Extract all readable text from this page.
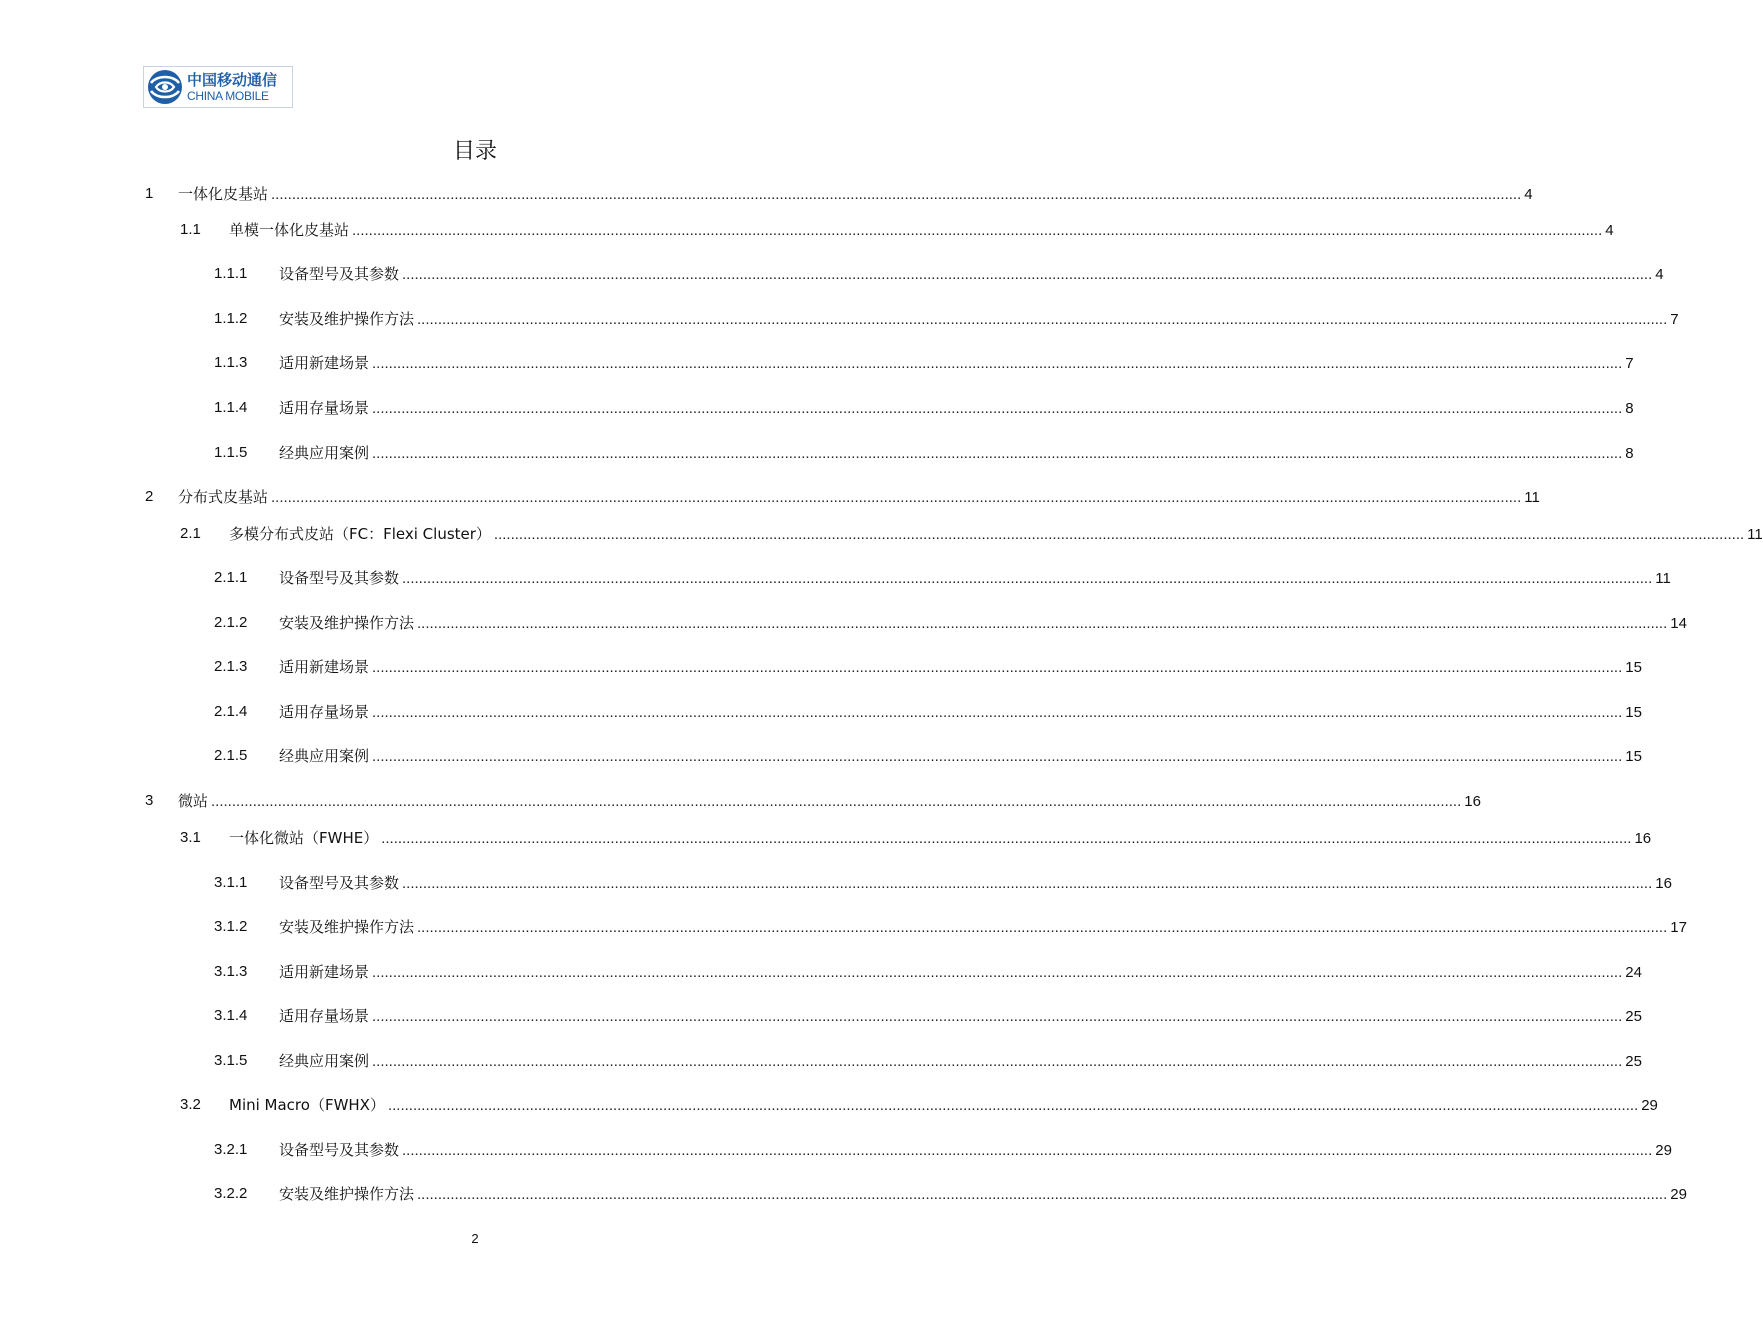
中国移动通信
CHINA MOBILE
目录
1 一体化皮基站 ............................................................................................................................................................................................................................................................................................................ 4
1.1 单模一体化皮基站 ............................................................................................................................................................................................................................................................................................................ 4
1.1.1 设备型号及其参数 ............................................................................................................................................................................................................................................................................................................ 4
1.1.2 安装及维护操作方法 ............................................................................................................................................................................................................................................................................................................ 7
1.1.3 适用新建场景 ............................................................................................................................................................................................................................................................................................................ 7
1.1.4 适用存量场景 ............................................................................................................................................................................................................................................................................................................ 8
1.1.5 经典应用案例 ............................................................................................................................................................................................................................................................................................................ 8
2 分布式皮基站 ............................................................................................................................................................................................................................................................................................................ 11
2.1 多模分布式皮站（FC：Flexi Cluster） ............................................................................................................................................................................................................................................................................................................ 11
2.1.1 设备型号及其参数 ............................................................................................................................................................................................................................................................................................................ 11
2.1.2 安装及维护操作方法 ............................................................................................................................................................................................................................................................................................................ 14
2.1.3 适用新建场景 ............................................................................................................................................................................................................................................................................................................ 15
2.1.4 适用存量场景 ............................................................................................................................................................................................................................................................................................................ 15
2.1.5 经典应用案例 ............................................................................................................................................................................................................................................................................................................ 15
3 微站 ............................................................................................................................................................................................................................................................................................................ 16
3.1 一体化微站（FWHE） ............................................................................................................................................................................................................................................................................................................ 16
3.1.1 设备型号及其参数 ............................................................................................................................................................................................................................................................................................................ 16
3.1.2 安装及维护操作方法 ............................................................................................................................................................................................................................................................................................................ 17
3.1.3 适用新建场景 ............................................................................................................................................................................................................................................................................................................ 24
3.1.4 适用存量场景 ............................................................................................................................................................................................................................................................................................................ 25
3.1.5 经典应用案例 ............................................................................................................................................................................................................................................................................................................ 25
3.2 Mini Macro（FWHX） ............................................................................................................................................................................................................................................................................................................ 29
3.2.1 设备型号及其参数 ............................................................................................................................................................................................................................................................................................................ 29
3.2.2 安装及维护操作方法 ............................................................................................................................................................................................................................................................................................................ 29
2
